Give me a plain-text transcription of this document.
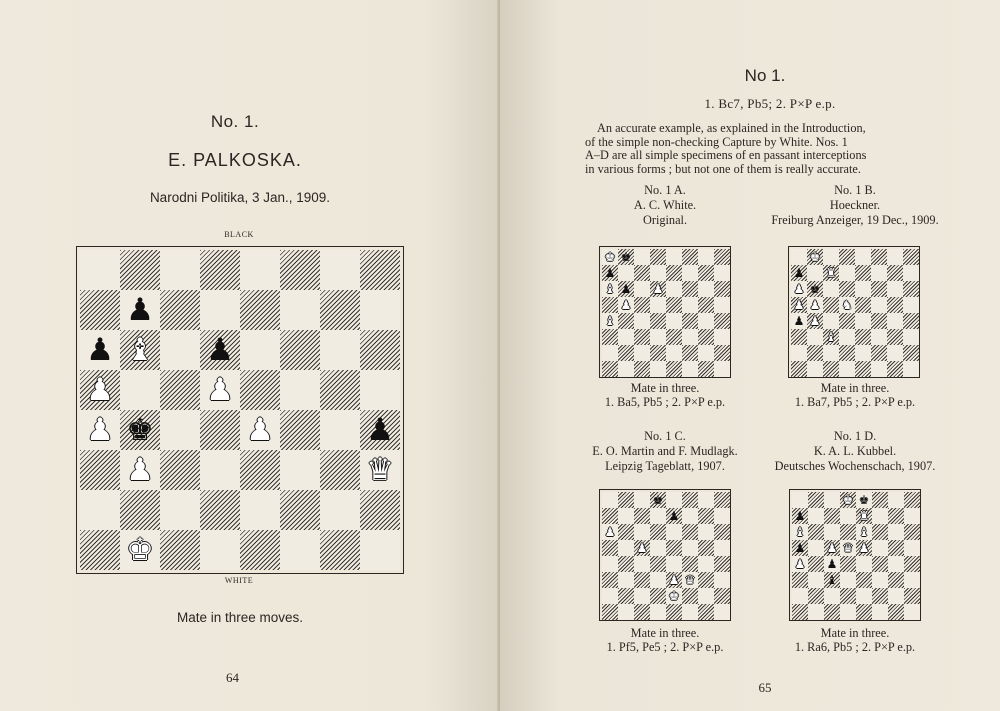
No. 1.
E. PALKOSKA.
Narodni Politika, 3 Jan., 1909.
BLACK
♟
♟ ♝ ♟
♟	♟
♟ ♚	♟	♟
♟	♛
♚
WHITE
Mate in three moves.
64
No 1.
1. Bc7, Pb5; 2. P×P e.p.
An accurate example, as explained in the Introduction,
of the simple non-checking Capture by White. Nos. 1
A–D are all simple specimens of en passant interceptions
in various forms ; but not one of them is really accurate.
No. 1 A.
A. C. White.
Original.
♚ ♚
♟
♝ ♟ ♟
♟
♝
Mate in three.
1. Ba5, Pb5 ; 2. P×P e.p.
No. 1 B.
Hoeckner.
Freiburg Anzeiger, 19 Dec., 1909.
♚
♟ ♜
♟ ♚
♟ ♟ ♞
♟ ♟
♝
Mate in three.
1. Ba7, Pb5 ; 2. P×P e.p.
No. 1 C.
E. O. Martin and F. Mudlagk.
Leipzig Tageblatt, 1907.
♚
♟
♟
♟
♟ ♛
♚
Mate in three.
1. Pf5, Pe5 ; 2. P×P e.p.
No. 1 D.
K. A. L. Kubbel.
Deutsches Wochenschach, 1907.
♚ ♚
♟	♜
♝	♝
♟ ♟ ♛ ♟
♟ ♟
♝
Mate in three.
1. Ra6, Pb5 ; 2. P×P e.p.
65
